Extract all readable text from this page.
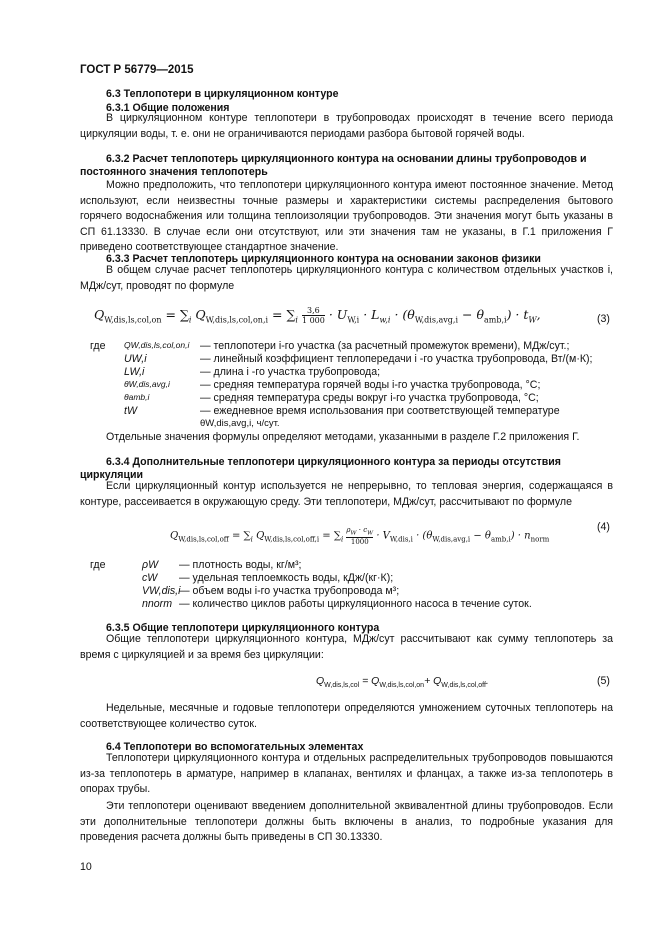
ГОСТ Р 56779—2015
6.3 Теплопотери в циркуляционном контуре
6.3.1 Общие положения
В циркуляционном контуре теплопотери в трубопроводах происходят в течение всего периода циркуляции воды, т. е. они не ограничиваются периодами разбора бытовой горячей воды.
6.3.2 Расчет теплопотерь циркуляционного контура на основании длины трубопроводов и
постоянного значения теплопотерь
Можно предположить, что теплопотери циркуляционного контура имеют постоянное значение. Метод используют, если неизвестны точные размеры и характеристики системы распределения бытового горячего водоснабжения или толщина теплоизоляции трубопроводов. Эти значения могут быть указаны в СП 61.13330. В случае если они отсутствуют, или эти значения там не указаны, в Г.1 приложения Г приведено соответствующее стандартное значение.
6.3.3 Расчет теплопотерь циркуляционного контура на основании законов физики
В общем случае расчет теплопотерь циркуляционного контура с количеством отдельных участков i, МДж/сут, проводят по формуле
$Q_{W,dis,ls,col,on} = \sum_i$ $Q_{W,dis,ls,col,on,i} = \sum_i \frac{3,6}{1 000} \cdot U_{W,i} \cdot L_{w,i} \cdot (\theta_{W,dis,avg,i} - \theta_{amb,i}) \cdot t_W$,	(3)
где QW,dis,ls,col,on,i — теплопотери i-го участка (за расчетный промежуток времени), МДж/сут.;
UW,i	— линейный коэффициент теплопередачи i -го участка трубопровода, Вт/(м·К);
LW,i	— длина i -го участка трубопровода;
θW,dis,avg,i	— средняя температура горячей воды i-го участка трубопровода, °C;
θamb,i	— средняя температура среды вокруг i-го участка трубопровода, °C;
tW	— ежедневное время использования при соответствующей температуре
θW,dis,avg,i, ч/сут.
Отдельные значения формулы определяют методами, указанными в разделе Г.2 приложения Г.
6.3.4 Дополнительные теплопотери циркуляционного контура за периоды отсутствия
циркуляции
Если циркуляционный контур используется не непрерывно, то тепловая энергия, содержащаяся в контуре, рассеивается в окружающую среду. Эти теплопотери, МДж/сут, рассчитывают по формуле
$Q_{W,dis,ls,col,off} = \sum_i$ $Q_{W,dis,ls,col,off,i} = \sum_i \frac{\rho_W \cdot c_W}{1000} \cdot V_{W,dis,i} \cdot (\theta_{W,dis,avg,i} - \theta_{amb,i}) \cdot n_{norm}$
(4)
где	ρW — плотность воды, кг/м³;
cW — удельная теплоемкость воды, кДж/(кг·К);
VW,dis,i
— объем воды i-го участка трубопровода м³;
nnorm — количество циклов работы циркуляционного насоса в течение суток.
6.3.5 Общие теплопотери циркуляционного контура
Общие теплопотери циркуляционного контура, МДж/сут рассчитывают как сумму теплопотерь за время с циркуляцией и за время без циркуляции:
$Q_{W,dis,ls,col} = Q_{W,dis,ls,col,on}+ Q_{W,dis,ls,col,off}$.	(5)
Недельные, месячные и годовые теплопотери определяются умножением суточных теплопотерь на соответствующее количество суток.
6.4 Теплопотери во вспомогательных элементах
Теплопотери циркуляционного контура и отдельных распределительных трубопроводов повышаются из-за теплопотерь в арматуре, например в клапанах, вентилях и фланцах, а также из-за теплопотерь в опорах трубы.
Эти теплопотери оценивают введением дополнительной эквивалентной длины трубопроводов. Если эти дополнительные теплопотери должны быть включены в анализ, то подробные указания для проведения расчета должны быть приведены в СП 30.13330.
10
